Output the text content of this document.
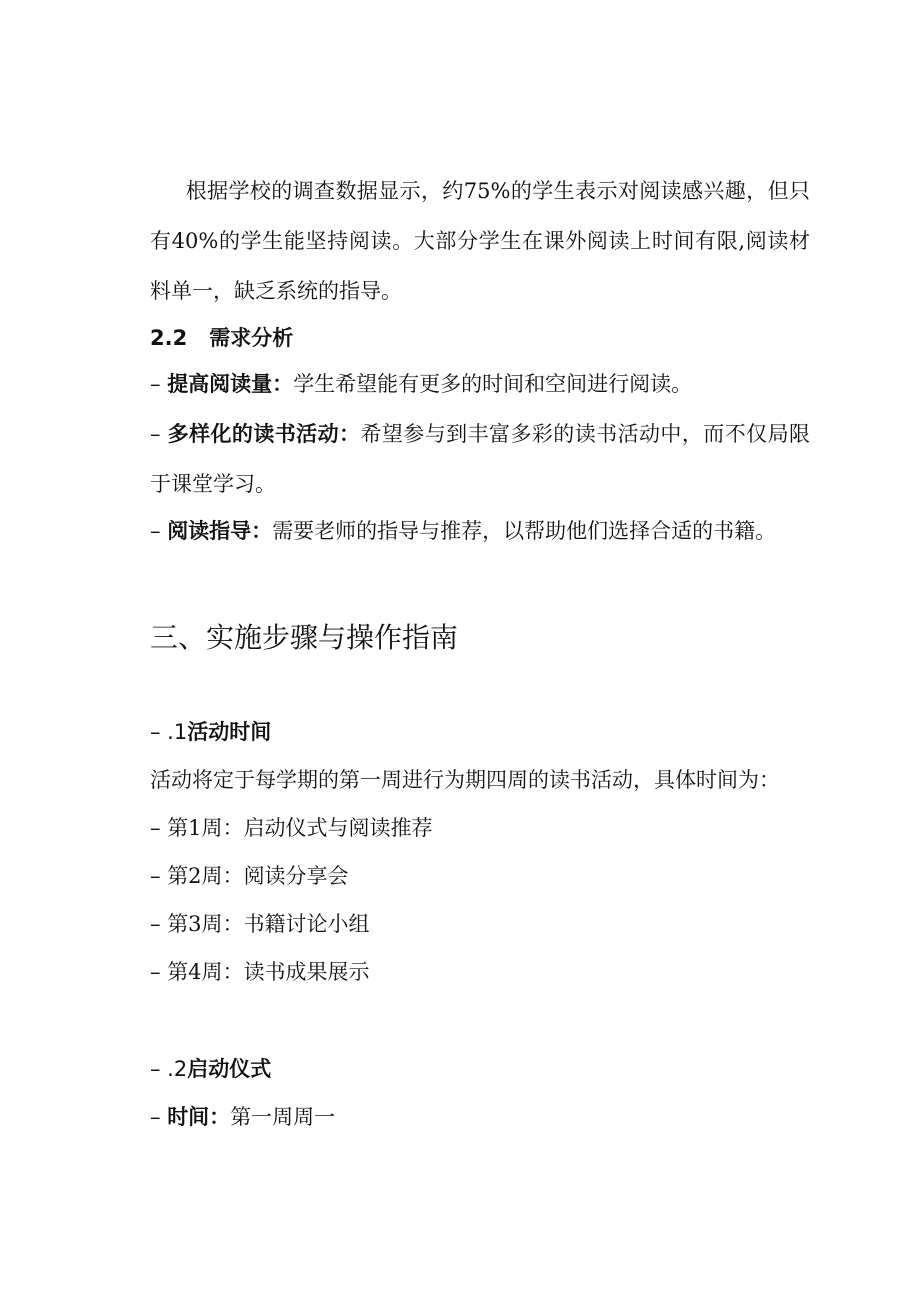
根据学校的调查数据显示，约75%的学生表示对阅读感兴趣，但只有40%的学生能坚持阅读。大部分学生在课外阅读上时间有限,阅读材料单一，缺乏系统的指导。
2.2 需求分析
– 提高阅读量：学生希望能有更多的时间和空间进行阅读。
– 多样化的读书活动：希望参与到丰富多彩的读书活动中，而不仅局限于课堂学习。
– 阅读指导：需要老师的指导与推荐，以帮助他们选择合适的书籍。
三、实施步骤与操作指南
– .1活动时间
活动将定于每学期的第一周进行为期四周的读书活动，具体时间为：
– 第1周：启动仪式与阅读推荐
– 第2周：阅读分享会
– 第3周：书籍讨论小组
– 第4周：读书成果展示
– .2启动仪式
– 时间：第一周周一
